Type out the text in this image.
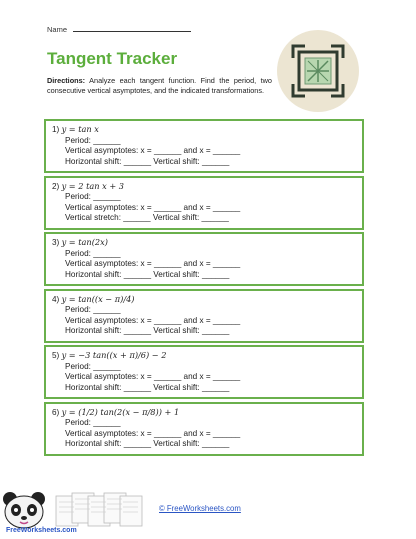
Name
Tangent Tracker
Directions: Analyze each tangent function. Find the period, two consecutive vertical asymptotes, and the indicated transformations.
1) y = tan x
Period: ______
Vertical asymptotes: x = ______ and x = ______
Horizontal shift: ______ Vertical shift: ______
2) y = 2 tan x + 3
Period: ______
Vertical asymptotes: x = ______ and x = ______
Vertical stretch: ______ Vertical shift: ______
3) y = tan(2x)
Period: ______
Vertical asymptotes: x = ______ and x = ______
Horizontal shift: ______ Vertical shift: ______
4) y = tan((x − π)/4)
Period: ______
Vertical asymptotes: x = ______ and x = ______
Horizontal shift: ______ Vertical shift: ______
5) y = −3 tan((x + π)/6) − 2
Period: ______
Vertical asymptotes: x = ______ and x = ______
Horizontal shift: ______ Vertical shift: ______
6) y = (1/2) tan(2(x − π/8)) + 1
Period: ______
Vertical asymptotes: x = ______ and x = ______
Horizontal shift: ______ Vertical shift: ______
FreeWorksheets.com
© FreeWorksheets.com
